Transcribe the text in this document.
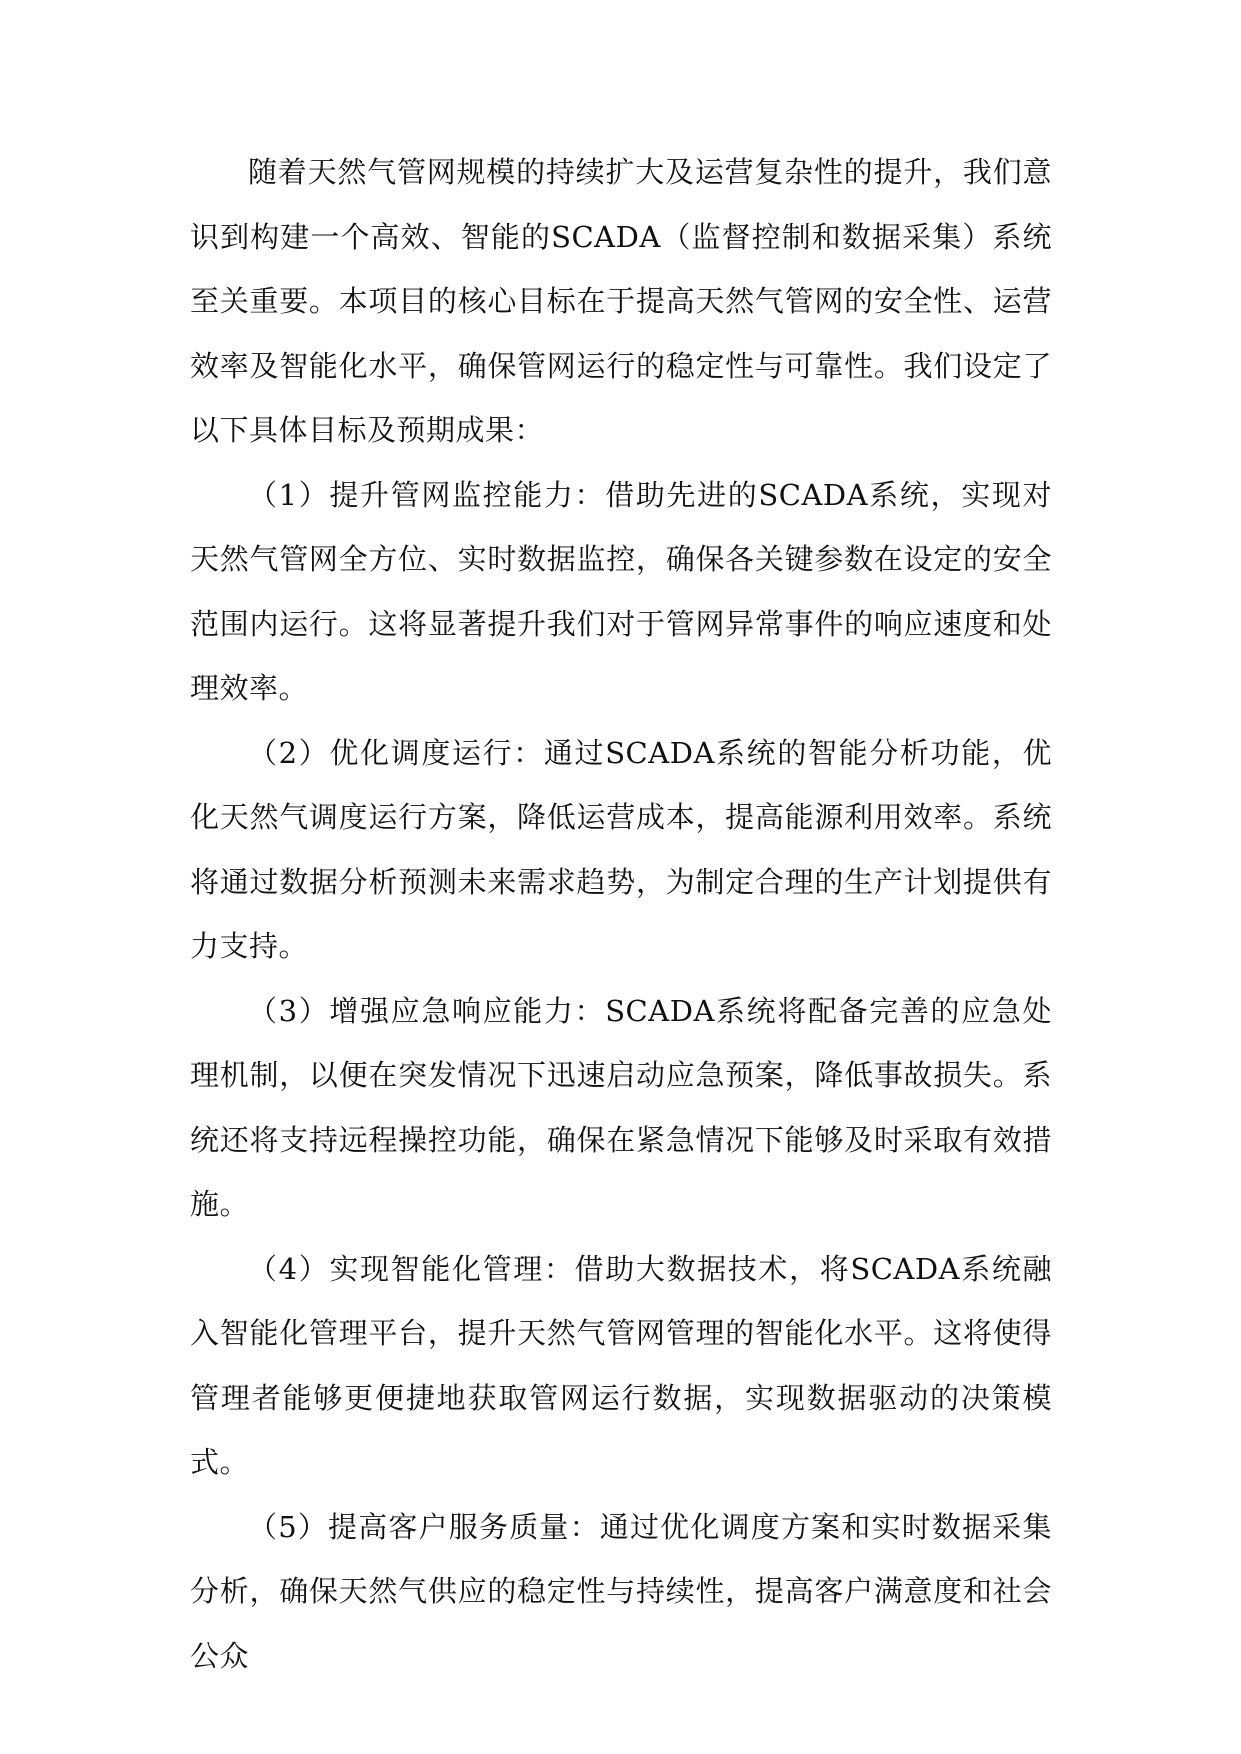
随着天然气管网规模的持续扩大及运营复杂性的提升，我们意识到构建一个高效、智能的SCADA（监督控制和数据采集）系统至关重要。本项目的核心目标在于提高天然气管网的安全性、运营效率及智能化水平，确保管网运行的稳定性与可靠性。我们设定了以下具体目标及预期成果：

（1）提升管网监控能力：借助先进的SCADA系统，实现对天然气管网全方位、实时数据监控，确保各关键参数在设定的安全范围内运行。这将显著提升我们对于管网异常事件的响应速度和处理效率。

（2）优化调度运行：通过SCADA系统的智能分析功能，优化天然气调度运行方案，降低运营成本，提高能源利用效率。系统将通过数据分析预测未来需求趋势，为制定合理的生产计划提供有力支持。

（3）增强应急响应能力：SCADA系统将配备完善的应急处理机制，以便在突发情况下迅速启动应急预案，降低事故损失。系统还将支持远程操控功能，确保在紧急情况下能够及时采取有效措施。

（4）实现智能化管理：借助大数据技术，将SCADA系统融入智能化管理平台，提升天然气管网管理的智能化水平。这将使得管理者能够更便捷地获取管网运行数据，实现数据驱动的决策模式。

（5）提高客户服务质量：通过优化调度方案和实时数据采集分析，确保天然气供应的稳定性与持续性，提高客户满意度和社会公众
